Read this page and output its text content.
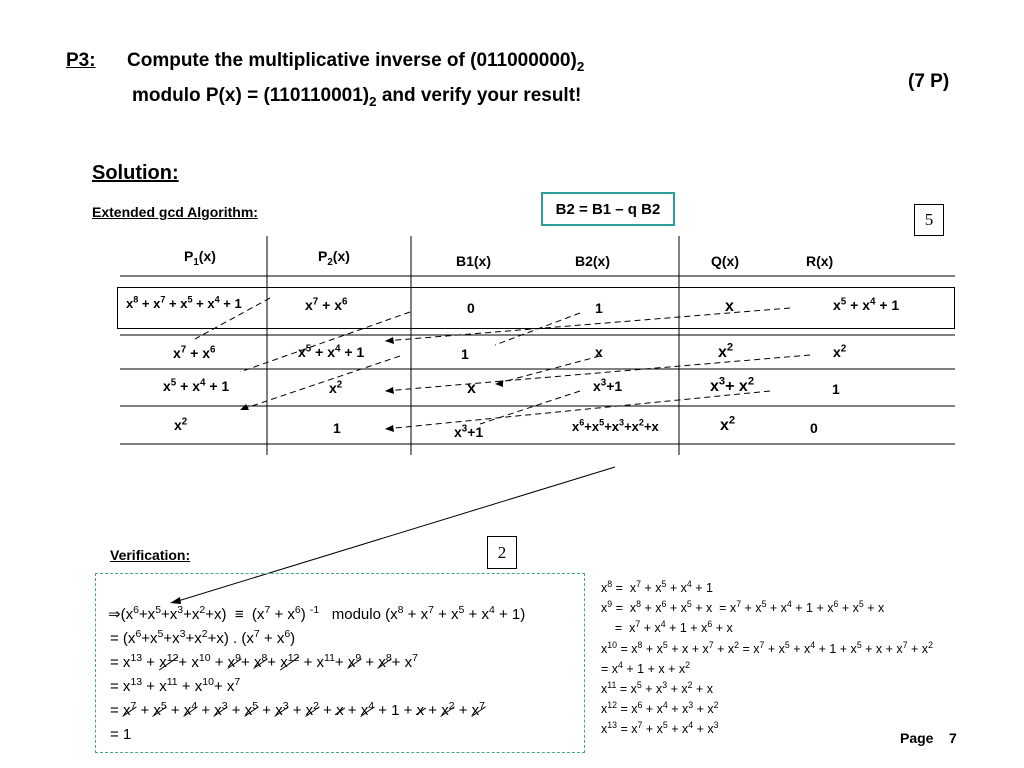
P3: Compute the multiplicative inverse of $(011000000)_2$
modulo $P(x) = (110110001)_2$ and verify your result!
(7 P)
Solution:
Extended gcd Algorithm:	B2 = B1 – q B2
5
$P_1(x)$	$P_2(x)$	B1(x)	B2(x)	Q(x)	R(x)
$x^8 + x^7 + x^5 + x^4 + 1$	$x^7 + x^6$	0	1	x	$x^5 + x^4 + 1$
$x^7 + x^6$	$x^5 + x^4 + 1$	1	x	$x^2$	$x^2$
$x^5 + x^4 + 1$	$x^2$	x	$x^3+1$	$x^3+ x^2$	1
$x^2$	1	$x^3+1$	$x^6+x^5+x^3+x^2+x$	$x^2$	0
Verification:	2
$\Rightarrow(x^6+x^5+x^3+x^2+x) \equiv (x^7 + x^6)$ $^{-1}$   modulo $(x^8 + x^7 + x^5 + x^4 + 1)$
= $(x^6+x^5+x^3+x^2+x)$ . $(x^7 + x^6)$
= $x^{13} + x^{12}+ x^{10} + x^9+ x^8+ x^{12} + x^{11}+ x^9 + x^8+ x^7$
= $x^{13} + x^{11} + x^{10}+ x^7$
= $x^7 + x^5 + x^4 + x^3 + x^5 + x^3 + x^2 + x + x^4 + 1 + x + x^2 + x^7$
= 1
$x^8 = x^7 + x^5 + x^4 + 1$
$x^9 = x^8 + x^6 + x^5 + x = x^7 + x^5 + x^4 + 1 + x^6 + x^5 + x$
=  $x^7 + x^4 + 1 + x^6 + x$
$x^{10} = x^8 + x^5 + x + x^7 + x^2 = x^7 + x^5 + x^4 + 1 + x^5 + x + x^7 + x^2$
= $x^4 + 1 + x + x^2$
$x^{11} = x^5 + x^3 + x^2 + x$
$x^{12} = x^6 + x^4 + x^3 + x^2$
$x^{13} = x^7 + x^5 + x^4 + x^3$
Page 7
